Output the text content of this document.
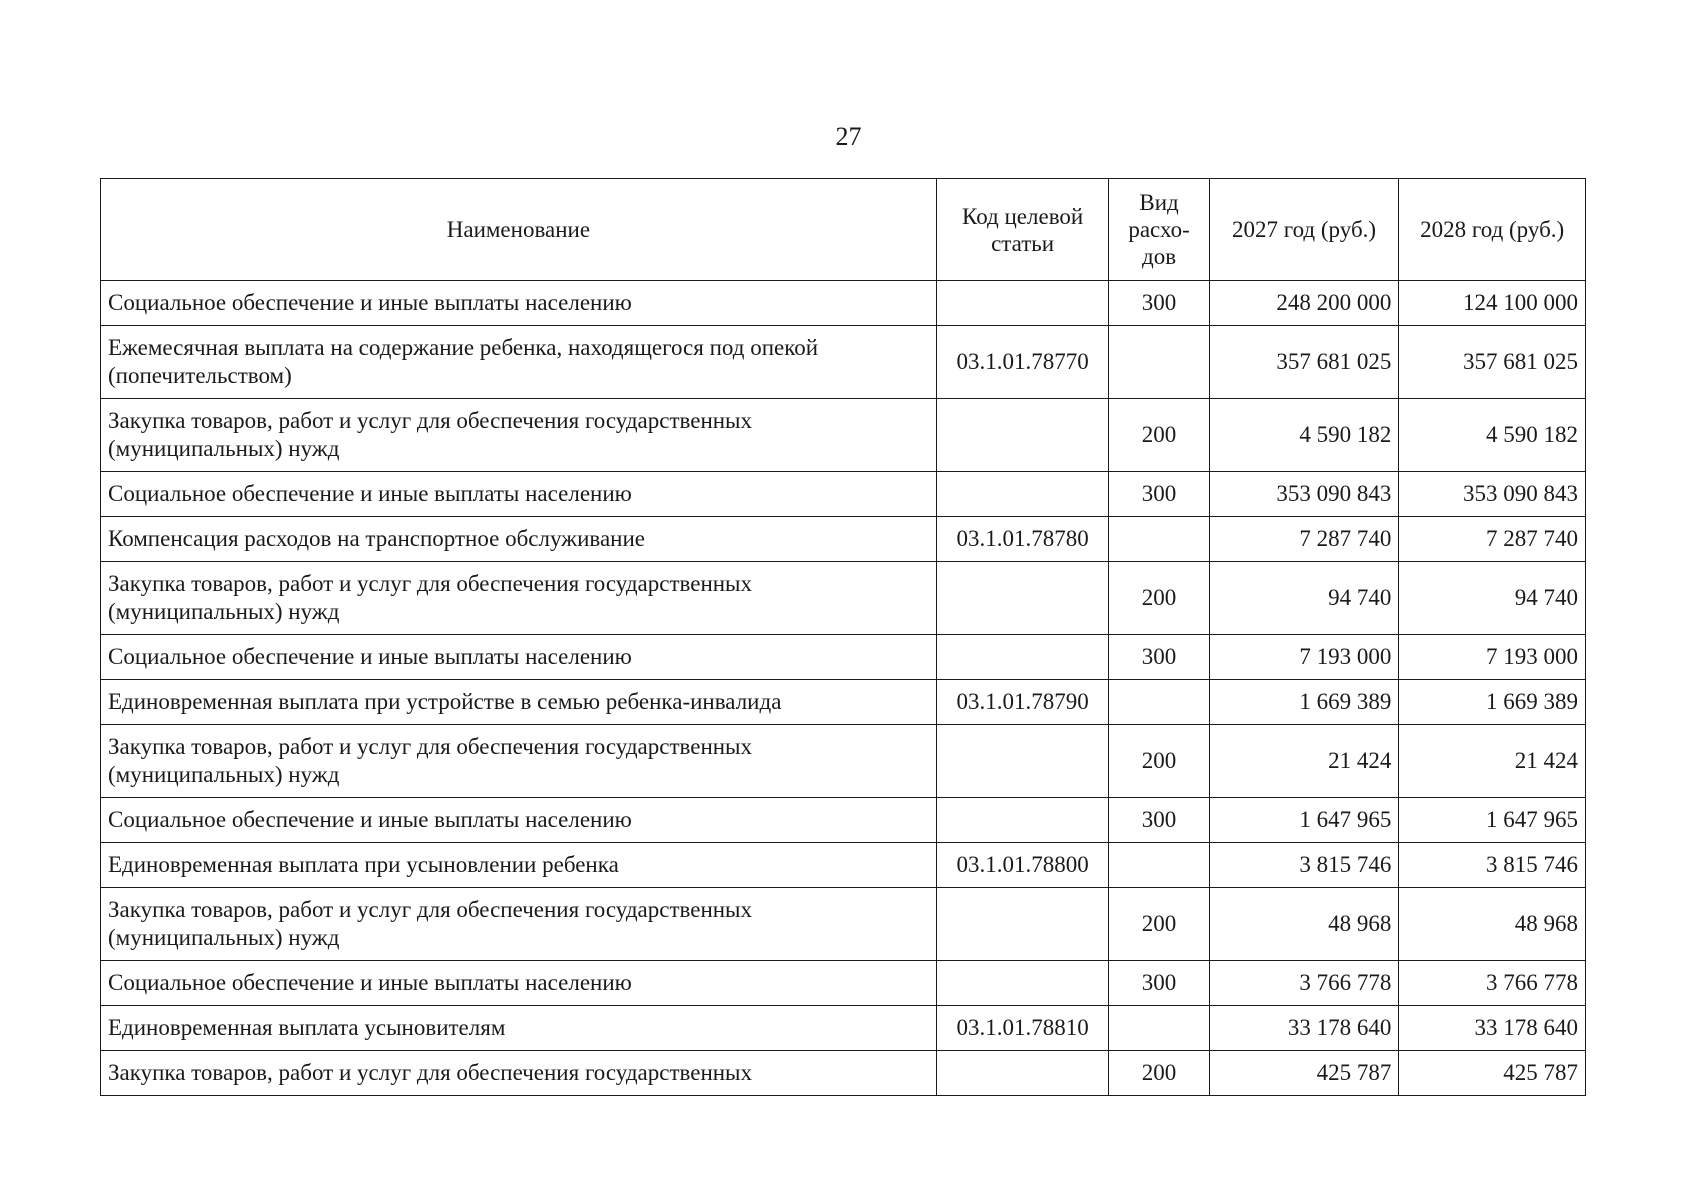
27
Наименование	Код целевой статьи	Вид расхо-дов	2027 год (руб.)	2028 год (руб.)
Социальное обеспечение и иные выплаты населению		300	248 200 000	124 100 000
Ежемесячная выплата на содержание ребенка, находящегося под опекой (попечительством)	03.1.01.78770		357 681 025	357 681 025
Закупка товаров, работ и услуг для обеспечения государственных (муниципальных) нужд		200	4 590 182	4 590 182
Социальное обеспечение и иные выплаты населению		300	353 090 843	353 090 843
Компенсация расходов на транспортное обслуживание	03.1.01.78780		7 287 740	7 287 740
Закупка товаров, работ и услуг для обеспечения государственных (муниципальных) нужд		200	94 740	94 740
Социальное обеспечение и иные выплаты населению		300	7 193 000	7 193 000
Единовременная выплата при устройстве в семью ребенка-инвалида	03.1.01.78790		1 669 389	1 669 389
Закупка товаров, работ и услуг для обеспечения государственных (муниципальных) нужд		200	21 424	21 424
Социальное обеспечение и иные выплаты населению		300	1 647 965	1 647 965
Единовременная выплата при усыновлении ребенка	03.1.01.78800		3 815 746	3 815 746
Закупка товаров, работ и услуг для обеспечения государственных (муниципальных) нужд		200	48 968	48 968
Социальное обеспечение и иные выплаты населению		300	3 766 778	3 766 778
Единовременная выплата усыновителям	03.1.01.78810		33 178 640	33 178 640
Закупка товаров, работ и услуг для обеспечения государственных		200	425 787	425 787
